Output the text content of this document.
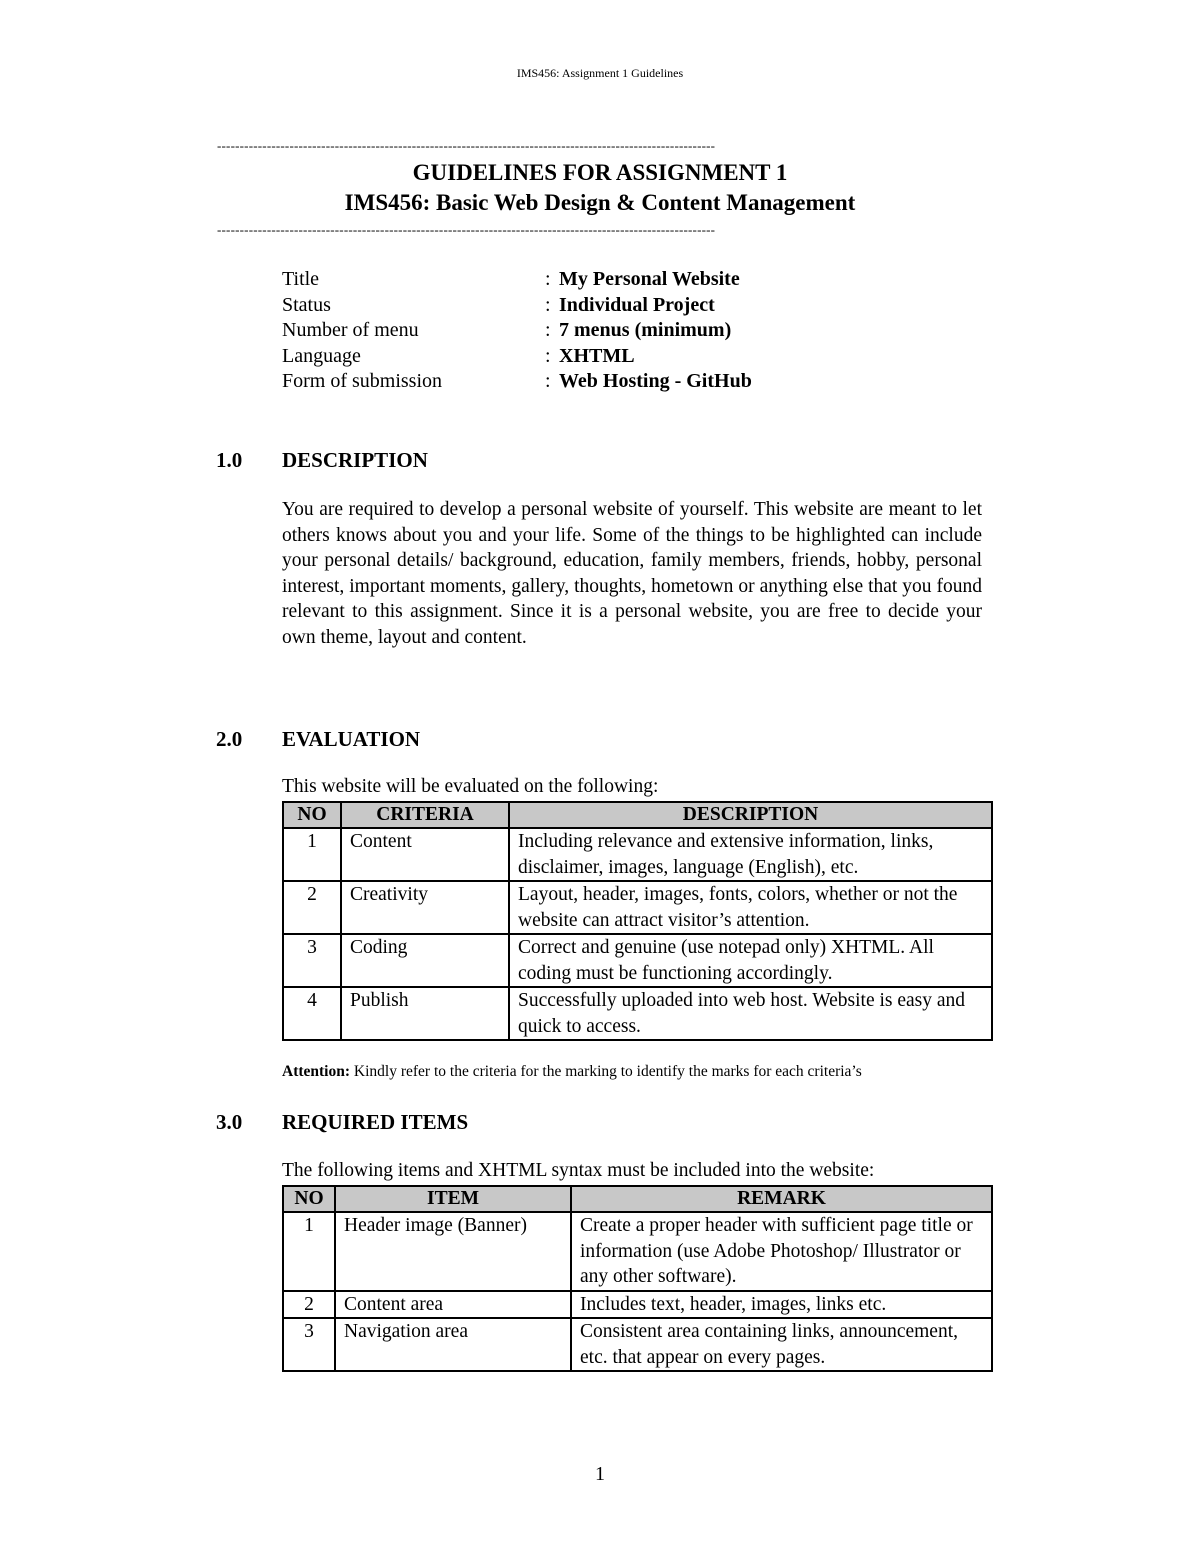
IMS456: Assignment 1 Guidelines
--------------------------------------------------------------------------------------------------------------
GUIDELINES FOR ASSIGNMENT 1
IMS456: Basic Web Design & Content Management
--------------------------------------------------------------------------------------------------------------
Title	: My Personal Website
Status	: Individual Project
Number of menu	: 7 menus (minimum)
Language	: XHTML
Form of submission	: Web Hosting - GitHub
1.0 DESCRIPTION
You are required to develop a personal website of yourself. This website are meant to let others knows about you and your life. Some of the things to be highlighted can include your personal details/ background, education, family members, friends, hobby, personal interest, important moments, gallery, thoughts, hometown or anything else that you found relevant to this assignment. Since it is a personal website, you are free to decide your own theme, layout and content.
2.0 EVALUATION
This website will be evaluated on the following:
NO	CRITERIA	DESCRIPTION
1	Content	Including relevance and extensive information, links, disclaimer, images, language (English), etc.
2	Creativity	Layout, header, images, fonts, colors, whether or not the website can attract visitor’s attention.
3	Coding	Correct and genuine (use notepad only) XHTML. All coding must be functioning accordingly.
4	Publish	Successfully uploaded into web host. Website is easy and quick to access.
Attention: Kindly refer to the criteria for the marking to identify the marks for each criteria’s
3.0 REQUIRED ITEMS
The following items and XHTML syntax must be included into the website:
NO	ITEM	REMARK
1	Header image (Banner)	Create a proper header with sufficient page title or information (use Adobe Photoshop/ Illustrator or any other software).
2	Content area	Includes text, header, images, links etc.
3	Navigation area	Consistent area containing links, announcement, etc. that appear on every pages.
1
